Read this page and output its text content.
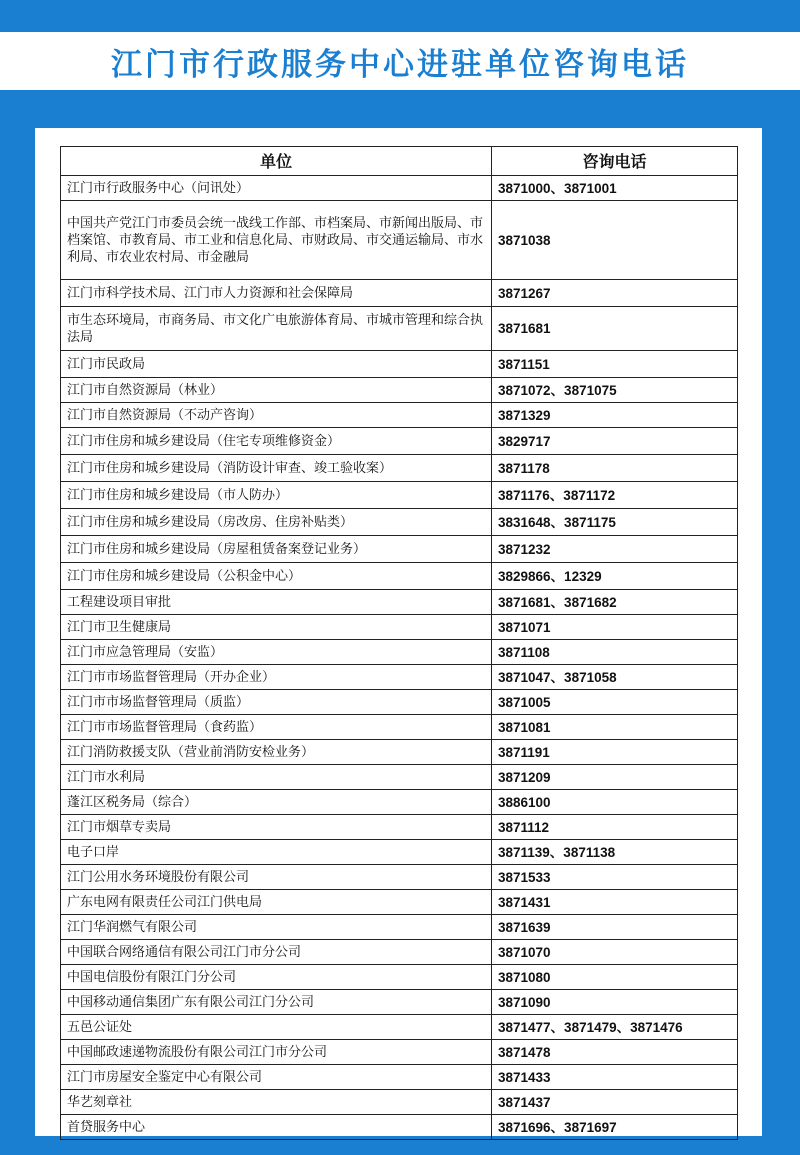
江门市行政服务中心进驻单位咨询电话
单位	咨询电话
江门市行政服务中心（问讯处）	3871000、3871001
中国共产党江门市委员会统一战线工作部、市档案局、市新闻出版局、市档案馆、市教育局、市工业和信息化局、市财政局、市交通运输局、市水利局、市农业农村局、市金融局	3871038
江门市科学技术局、江门市人力资源和社会保障局	3871267
市生态环境局，市商务局、市文化广电旅游体育局、市城市管理和综合执法局	3871681
江门市民政局	3871151
江门市自然资源局（林业）	3871072、3871075
江门市自然资源局（不动产咨询）	3871329
江门市住房和城乡建设局（住宅专项维修资金）	3829717
江门市住房和城乡建设局（消防设计审查、竣工验收案）	3871178
江门市住房和城乡建设局（市人防办）	3871176、3871172
江门市住房和城乡建设局（房改房、住房补贴类）	3831648、3871175
江门市住房和城乡建设局（房屋租赁备案登记业务）	3871232
江门市住房和城乡建设局（公积金中心）	3829866、12329
工程建设项目审批	3871681、3871682
江门市卫生健康局	3871071
江门市应急管理局（安监）	3871108
江门市市场监督管理局（开办企业）	3871047、3871058
江门市市场监督管理局（质监）	3871005
江门市市场监督管理局（食药监）	3871081
江门消防救援支队（营业前消防安检业务）	3871191
江门市水利局	3871209
蓬江区税务局（综合）	3886100
江门市烟草专卖局	3871112
电子口岸	3871139、3871138
江门公用水务环境股份有限公司	3871533
广东电网有限责任公司江门供电局	3871431
江门华润燃气有限公司	3871639
中国联合网络通信有限公司江门市分公司	3871070
中国电信股份有限江门分公司	3871080
中国移动通信集团广东有限公司江门分公司	3871090
五邑公证处	3871477、3871479、3871476
中国邮政速递物流股份有限公司江门市分公司	3871478
江门市房屋安全鉴定中心有限公司	3871433
华艺刻章社	3871437
首贷服务中心	3871696、3871697
